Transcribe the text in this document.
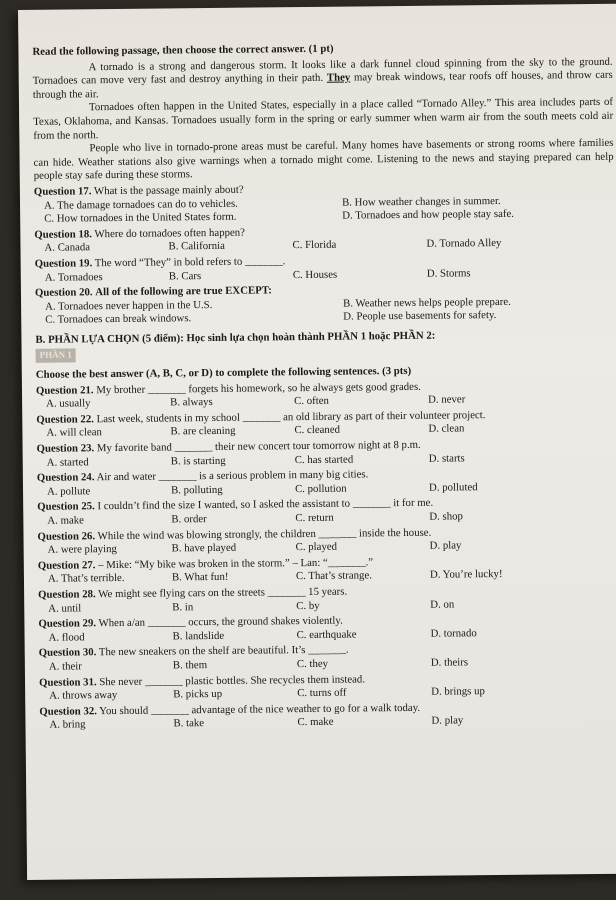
Read the following passage, then choose the correct answer. (1 pt)

A tornado is a strong and dangerous storm. It looks like a dark funnel cloud spinning from the sky to the ground. Tornadoes can move very fast and destroy anything in their path. They may break windows, tear roofs off houses, and throw cars through the air.

Tornadoes often happen in the United States, especially in a place called “Tornado Alley.” This area includes parts of Texas, Oklahoma, and Kansas. Tornadoes usually form in the spring or early summer when warm air from the south meets cold air from the north.

People who live in tornado-prone areas must be careful. Many homes have basements or strong rooms where families can hide. Weather stations also give warnings when a tornado might come. Listening to the news and staying prepared can help people stay safe during these storms.

Question 17. What is the passage mainly about?
A. The damage tornadoes can do to vehicles.	B. How weather changes in summer.
C. How tornadoes in the United States form.	D. Tornadoes and how people stay safe.
Question 18. Where do tornadoes often happen?
A. Canada	B. California	C. Florida	D. Tornado Alley
Question 19. The word “They” in bold refers to _______.
A. Tornadoes	B. Cars	C. Houses	D. Storms
Question 20. All of the following are true EXCEPT:
A. Tornadoes never happen in the U.S.	B. Weather news helps people prepare.
C. Tornadoes can break windows.	D. People use basements for safety.
B. PHẦN LỰA CHỌN (5 điểm): Học sinh lựa chọn hoàn thành PHẦN 1 hoặc PHẦN 2:
PHẦN 1
Choose the best answer (A, B, C, or D) to complete the following sentences. (3 pts)
Question 21. My brother _______ forgets his homework, so he always gets good grades.
A. usually	B. always	C. often	D. never
Question 22. Last week, students in my school _______ an old library as part of their volunteer project.
A. will clean	B. are cleaning	C. cleaned	D. clean
Question 23. My favorite band _______ their new concert tour tomorrow night at 8 p.m.
A. started	B. is starting	C. has started	D. starts
Question 24. Air and water _______ is a serious problem in many big cities.
A. pollute	B. polluting	C. pollution	D. polluted
Question 25. I couldn’t find the size I wanted, so I asked the assistant to _______ it for me.
A. make	B. order	C. return	D. shop
Question 26. While the wind was blowing strongly, the children _______ inside the house.
A. were playing	B. have played	C. played	D. play
Question 27. – Mike: “My bike was broken in the storm.” – Lan: “_______.”
A. That’s terrible.	B. What fun!	C. That’s strange.	D. You’re lucky!
Question 28. We might see flying cars on the streets _______ 15 years.
A. until	B. in	C. by	D. on
Question 29. When a/an _______ occurs, the ground shakes violently.
A. flood	B. landslide	C. earthquake	D. tornado
Question 30. The new sneakers on the shelf are beautiful. It’s _______.
A. their	B. them	C. they	D. theirs
Question 31. She never _______ plastic bottles. She recycles them instead.
A. throws away	B. picks up	C. turns off	D. brings up
Question 32. You should _______ advantage of the nice weather to go for a walk today.
A. bring	B. take	C. make	D. play
